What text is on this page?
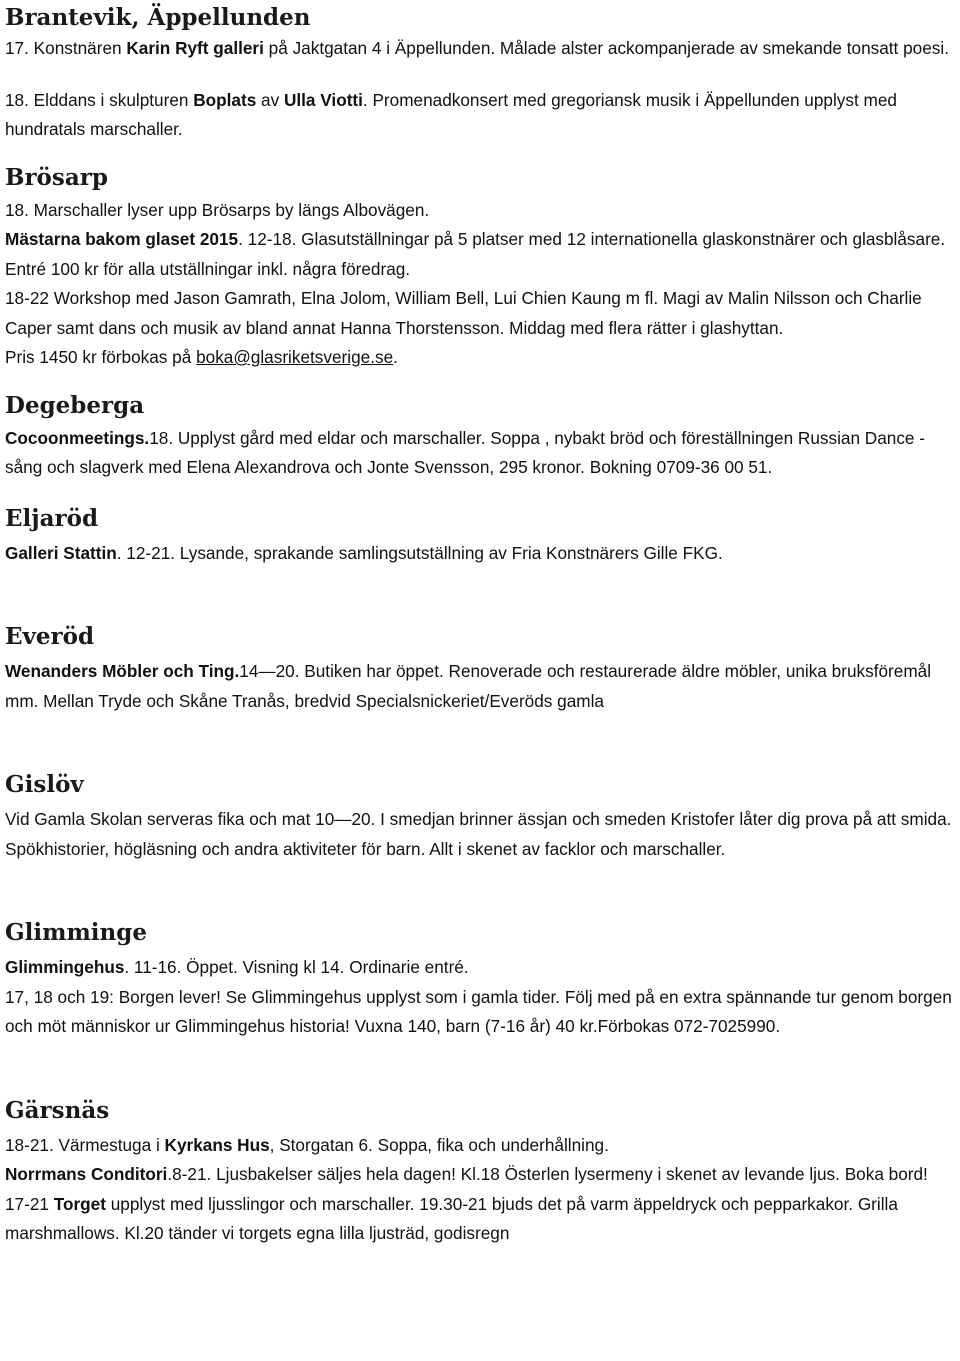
Brantevik, Äppellunden

17. Konstnären Karin Ryft galleri på Jaktgatan 4 i Äppellunden. Målade alster ackompanjerade av smekande tonsatt poesi.

18. Elddans i skulpturen Boplats av Ulla Viotti. Promenadkonsert med gregoriansk musik i Äppellunden upplyst med hundratals marschaller.

Brösarp

18. Marschaller lyser upp Brösarps by längs Albovägen.

Mästarna bakom glaset 2015. 12-18. Glasutställningar på 5 platser med 12 internationella glaskonstnärer och glasblåsare. Entré 100 kr för alla utställningar inkl. några föredrag.

18-22 Workshop med Jason Gamrath, Elna Jolom, William Bell, Lui Chien Kaung m fl. Magi av Malin Nilsson och Charlie Caper samt dans och musik av bland annat Hanna Thorstensson. Middag med flera rätter i glashyttan.

Pris 1450 kr förbokas på boka@glasriketsverige.se.

Degeberga

Cocoonmeetings.18. Upplyst gård med eldar och marschaller. Soppa , nybakt bröd och föreställningen Russian Dance - sång och slagverk med Elena Alexandrova och Jonte Svensson, 295 kronor. Bokning 0709-36 00 51.

Eljaröd

Galleri Stattin. 12-21. Lysande, sprakande samlingsutställning av Fria Konstnärers Gille FKG.

Everöd

Wenanders Möbler och Ting.14—20. Butiken har öppet. Renoverade och restaurerade äldre möbler, unika bruksföremål mm. Mellan Tryde och Skåne Tranås, bredvid Specialsnickeriet/Everöds gamla

Gislöv

Vid Gamla Skolan serveras fika och mat 10—20. I smedjan brinner ässjan och smeden Kristofer låter dig prova på att smida. Spökhistorier, högläsning och andra aktiviteter för barn. Allt i skenet av facklor och marschaller.

Glimminge

Glimmingehus. 11-16. Öppet. Visning kl 14. Ordinarie entré.

17, 18 och 19: Borgen lever! Se Glimmingehus upplyst som i gamla tider. Följ med på en extra spännande tur genom borgen och möt människor ur Glimmingehus historia! Vuxna 140, barn (7-16 år) 40 kr.Förbokas 072-7025990.

Gärsnäs

18-21. Värmestuga i Kyrkans Hus, Storgatan 6. Soppa, fika och underhållning.

Norrmans Conditori.8-21. Ljusbakelser säljes hela dagen! Kl.18 Österlen lysermeny i skenet av levande ljus. Boka bord!

17-21 Torget upplyst med ljusslingor och marschaller. 19.30-21 bjuds det på varm äppeldryck och pepparkakor. Grilla marshmallows. Kl.20 tänder vi torgets egna lilla ljusträd, godisregn
